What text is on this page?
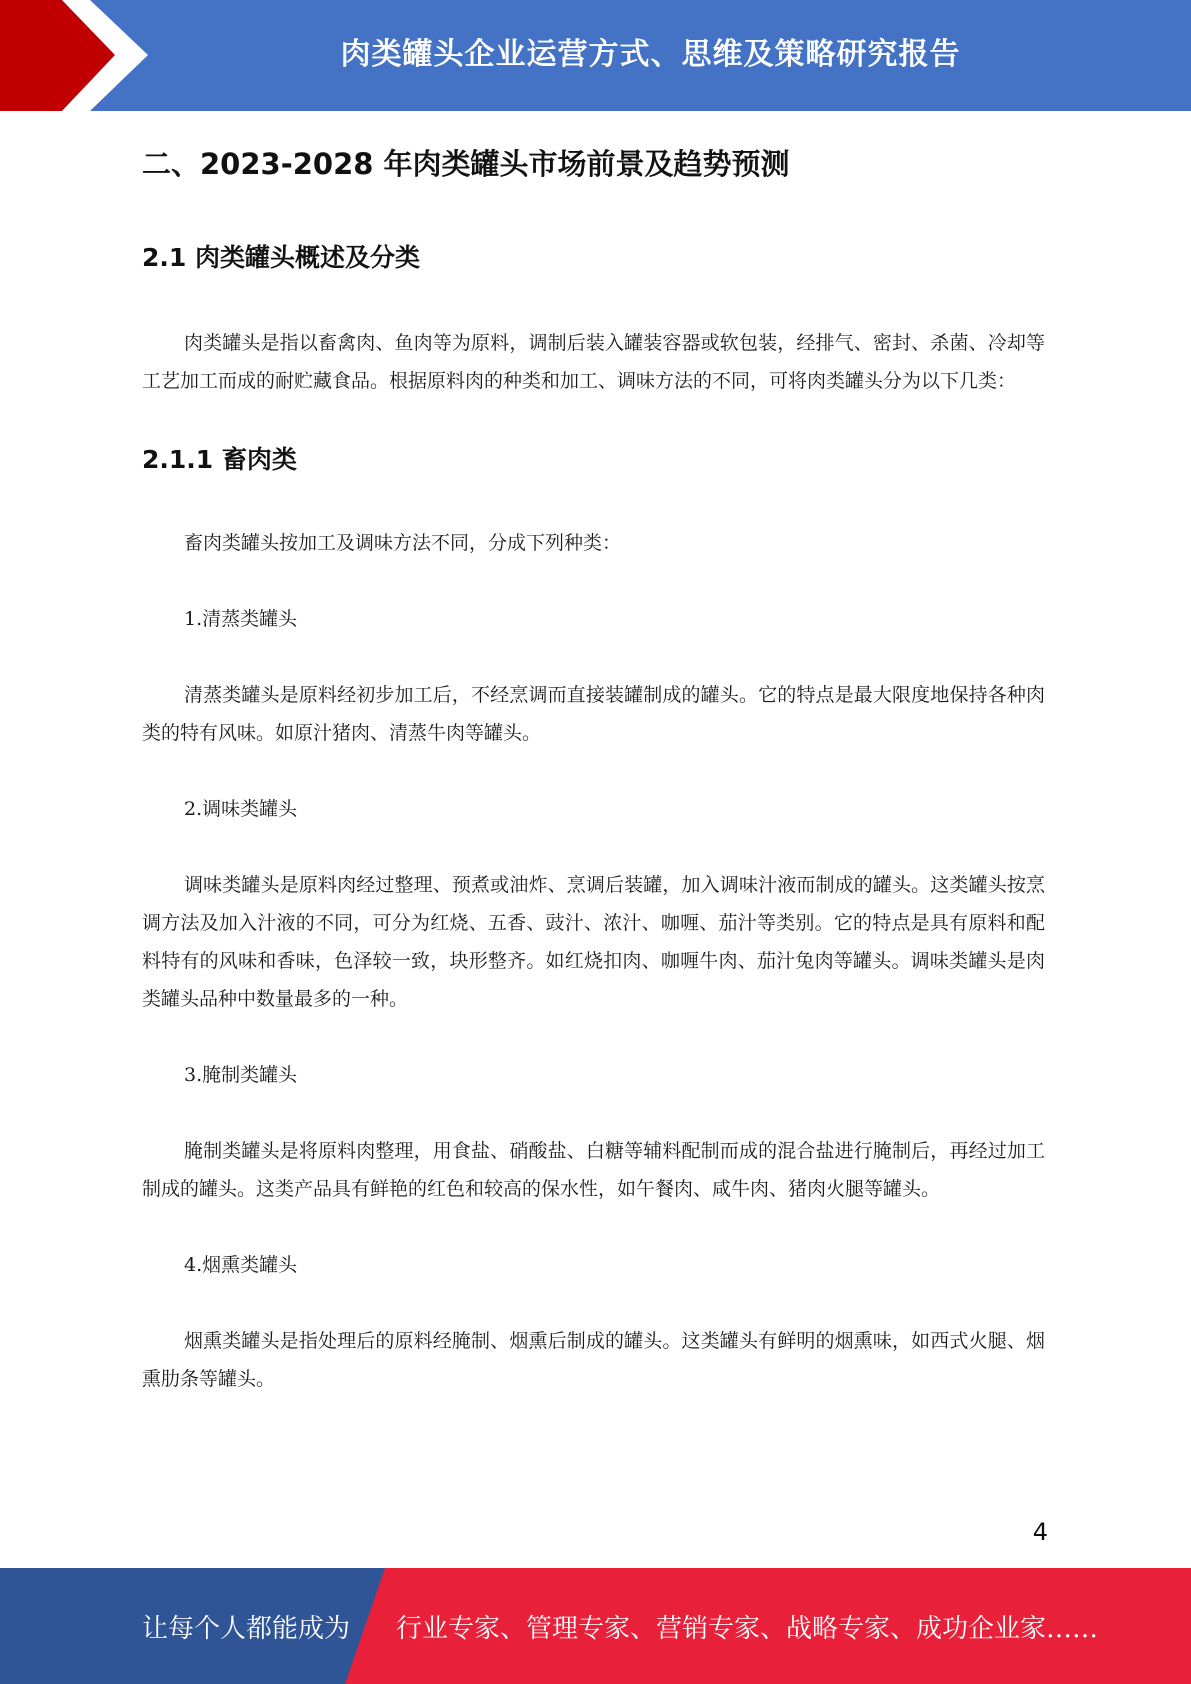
肉类罐头企业运营方式、思维及策略研究报告
二、2023-2028 年肉类罐头市场前景及趋势预测
2.1 肉类罐头概述及分类

肉类罐头是指以畜禽肉、鱼肉等为原料，调制后装入罐装容器或软包装，经排气、密封、杀菌、冷却等工艺加工而成的耐贮藏食品。根据原料肉的种类和加工、调味方法的不同，可将肉类罐头分为以下几类：

2.1.1 畜肉类

畜肉类罐头按加工及调味方法不同，分成下列种类：

1.清蒸类罐头

清蒸类罐头是原料经初步加工后，不经烹调而直接装罐制成的罐头。它的特点是最大限度地保持各种肉类的特有风味。如原汁猪肉、清蒸牛肉等罐头。

2.调味类罐头

调味类罐头是原料肉经过整理、预煮或油炸、烹调后装罐，加入调味汁液而制成的罐头。这类罐头按烹调方法及加入汁液的不同，可分为红烧、五香、豉汁、浓汁、咖喱、茄汁等类别。它的特点是具有原料和配料特有的风味和香味，色泽较一致，块形整齐。如红烧扣肉、咖喱牛肉、茄汁兔肉等罐头。调味类罐头是肉类罐头品种中数量最多的一种。

3.腌制类罐头

腌制类罐头是将原料肉整理，用食盐、硝酸盐、白糖等辅料配制而成的混合盐进行腌制后，再经过加工制成的罐头。这类产品具有鲜艳的红色和较高的保水性，如午餐肉、咸牛肉、猪肉火腿等罐头。

4.烟熏类罐头

烟熏类罐头是指处理后的原料经腌制、烟熏后制成的罐头。这类罐头有鲜明的烟熏味，如西式火腿、烟熏肋条等罐头。

4
让每个人都能成为 行业专家、管理专家、营销专家、战略专家、成功企业家……
